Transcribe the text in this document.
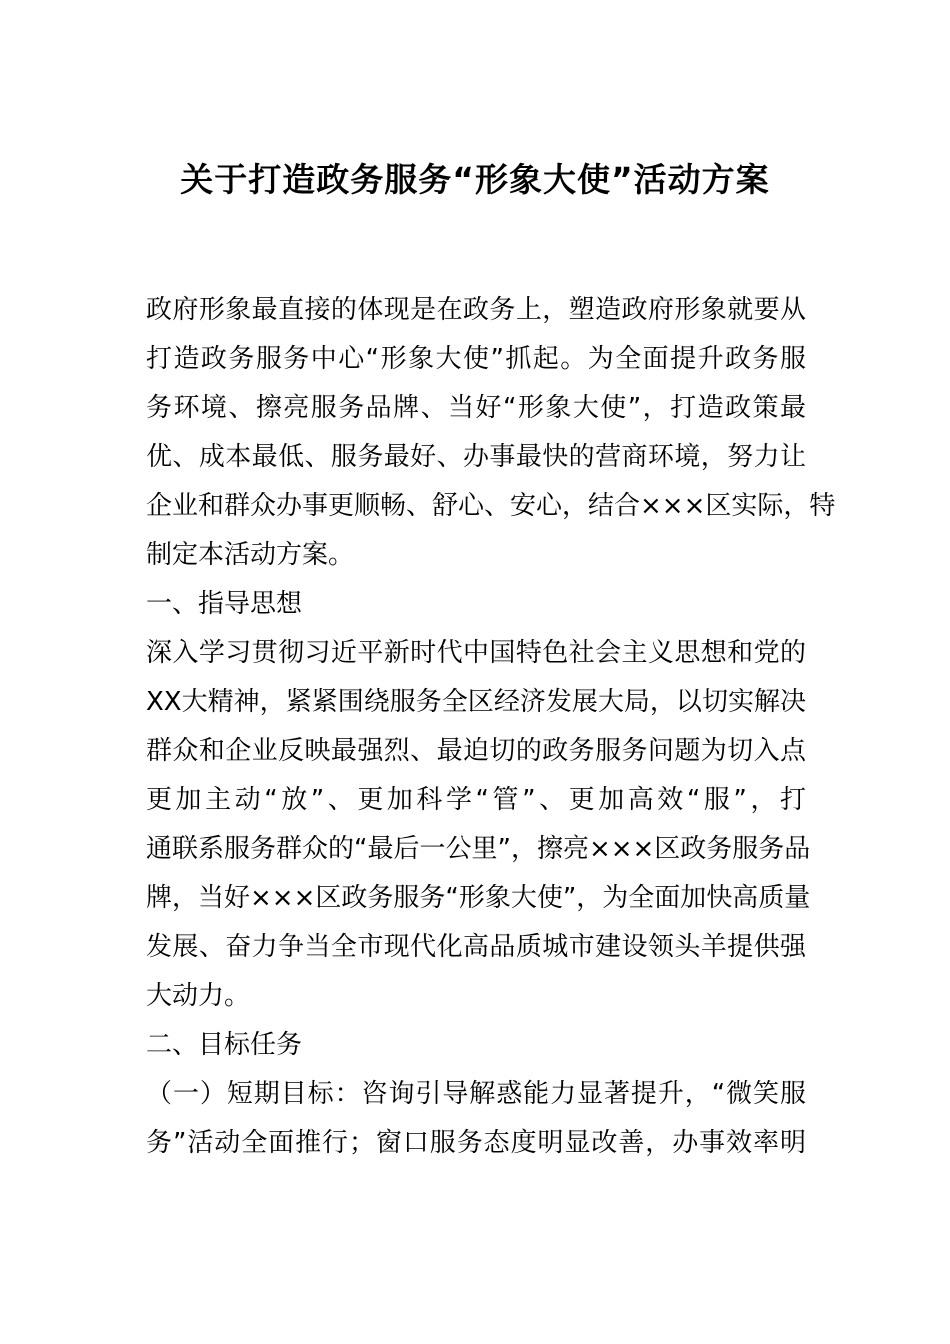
关于打造政务服务“形象大使”活动方案
政府形象最直接的体现是在政务上，塑造政府形象就要从
打造政务服务中心“形象大使”抓起。为全面提升政务服
务环境、擦亮服务品牌、当好“形象大使”，打造政策最
优、成本最低、服务最好、办事最快的营商环境，努力让
企业和群众办事更顺畅、舒心、安心，结合×××区实际，特
制定本活动方案。
一、指导思想
深入学习贯彻习近平新时代中国特色社会主义思想和党的
XX大精神，紧紧围绕服务全区经济发展大局，以切实解决
群众和企业反映最强烈、最迫切的政务服务问题为切入点
更加主动“放”、更加科学“管”、更加高效“服”，打
通联系服务群众的“最后一公里”，擦亮×××区政务服务品
牌，当好×××区政务服务“形象大使”，为全面加快高质量
发展、奋力争当全市现代化高品质城市建设领头羊提供强
大动力。
二、目标任务
（一）短期目标：咨询引导解惑能力显著提升，“微笑服
务”活动全面推行；窗口服务态度明显改善，办事效率明
